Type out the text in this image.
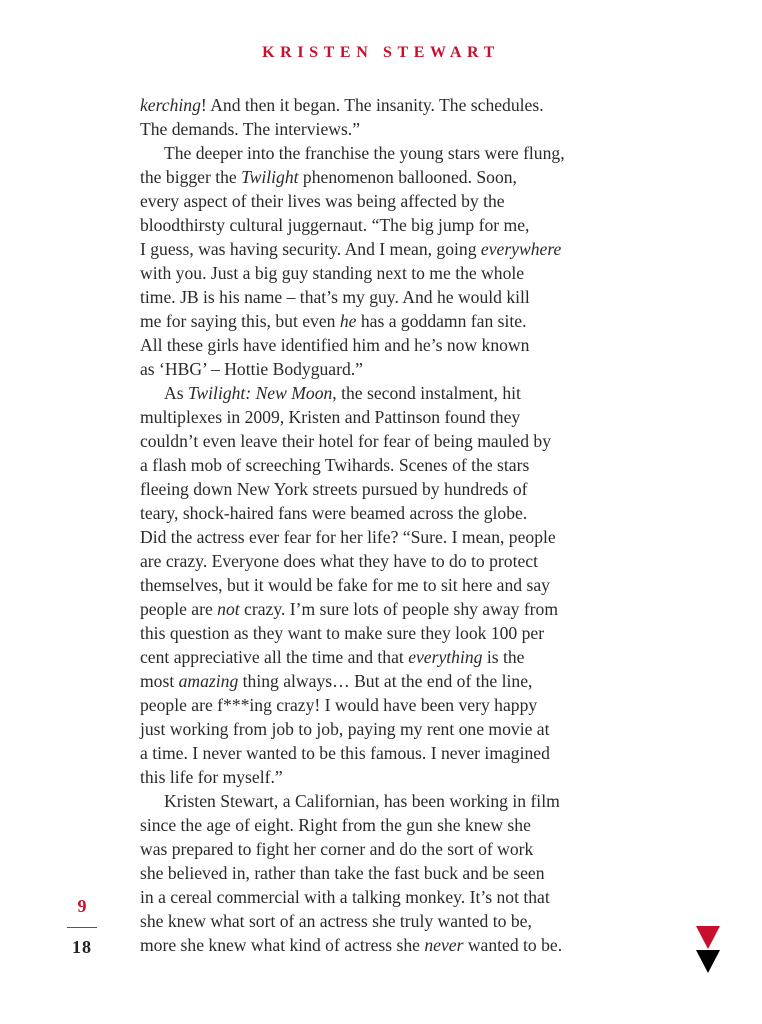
KRISTEN STEWART
kerching! And then it began. The insanity. The schedules.
The demands. The interviews.”
The deeper into the franchise the young stars were flung,
the bigger the Twilight phenomenon ballooned. Soon,
every aspect of their lives was being affected by the
bloodthirsty cultural juggernaut. “The big jump for me,
I guess, was having security. And I mean, going everywhere
with you. Just a big guy standing next to me the whole
time. JB is his name – that’s my guy. And he would kill
me for saying this, but even he has a goddamn fan site.
All these girls have identified him and he’s now known
as ‘HBG’ – Hottie Bodyguard.”
As Twilight: New Moon, the second instalment, hit
multiplexes in 2009, Kristen and Pattinson found they
couldn’t even leave their hotel for fear of being mauled by
a flash mob of screeching Twihards. Scenes of the stars
fleeing down New York streets pursued by hundreds of
teary, shock-haired fans were beamed across the globe.
Did the actress ever fear for her life? “Sure. I mean, people
are crazy. Everyone does what they have to do to protect
themselves, but it would be fake for me to sit here and say
people are not crazy. I’m sure lots of people shy away from
this question as they want to make sure they look 100 per
cent appreciative all the time and that everything is the
most amazing thing always… But at the end of the line,
people are f***ing crazy! I would have been very happy
just working from job to job, paying my rent one movie at
a time. I never wanted to be this famous. I never imagined
this life for myself.”
Kristen Stewart, a Californian, has been working in film
since the age of eight. Right from the gun she knew she
was prepared to fight her corner and do the sort of work
she believed in, rather than take the fast buck and be seen
in a cereal commercial with a talking monkey. It’s not that
she knew what sort of an actress she truly wanted to be,
more she knew what kind of actress she never wanted to be.
9
18
